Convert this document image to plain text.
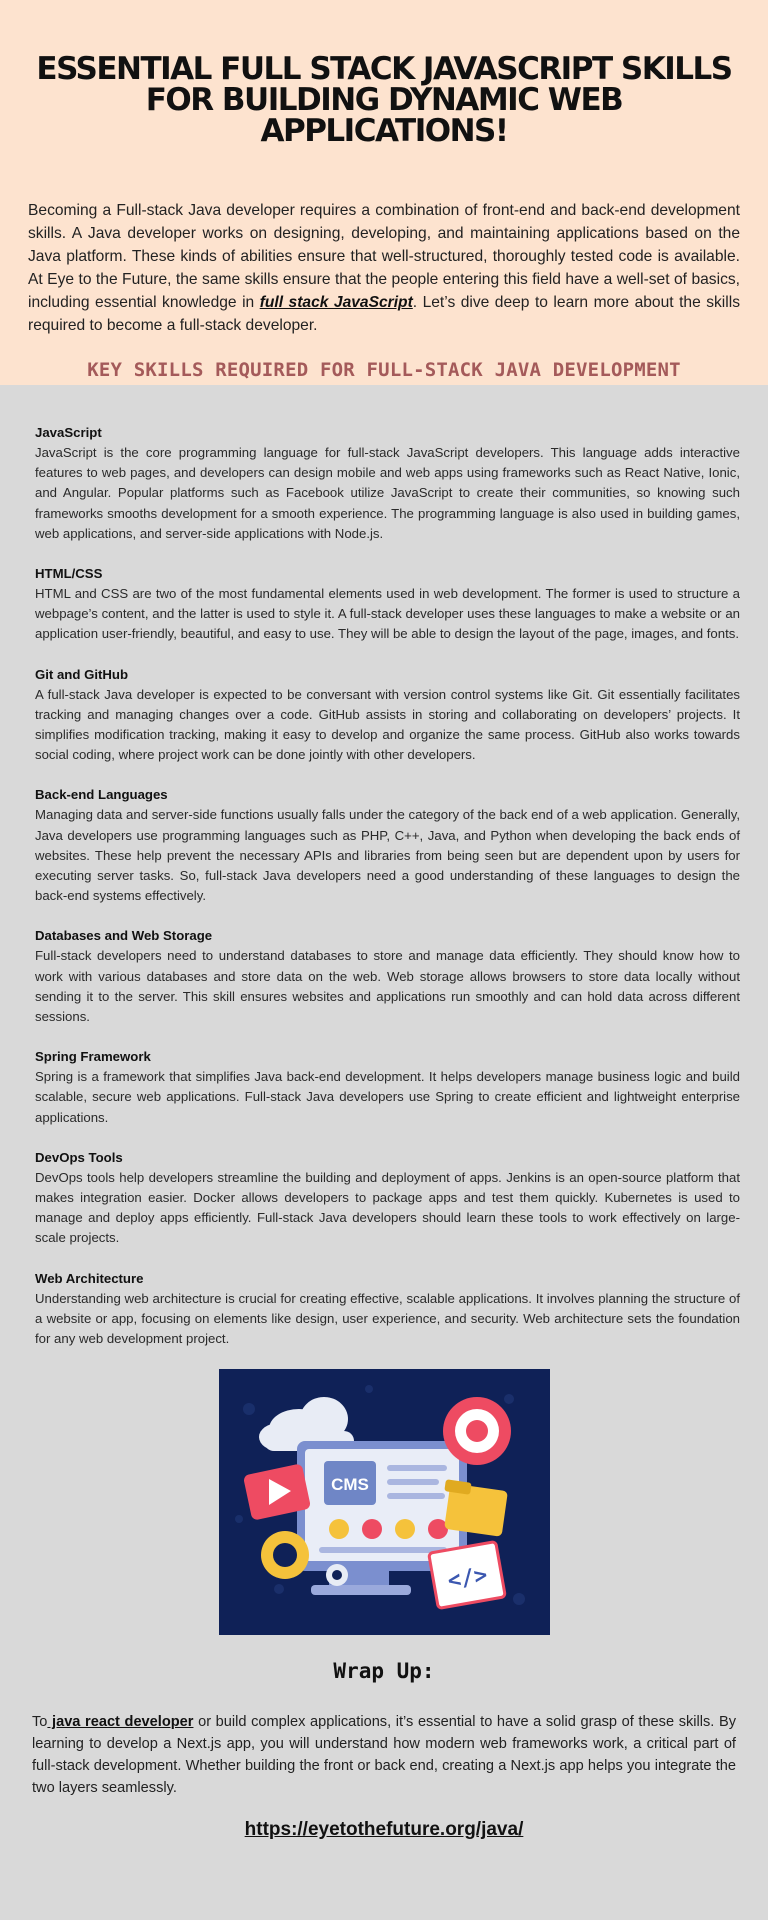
ESSENTIAL FULL STACK JAVASCRIPT SKILLS FOR BUILDING DYNAMIC WEB APPLICATIONS!

Becoming a Full-stack Java developer requires a combination of front-end and back-end development skills. A Java developer works on designing, developing, and maintaining applications based on the Java platform. These kinds of abilities ensure that well-structured, thoroughly tested code is available. At Eye to the Future, the same skills ensure that the people entering this field have a well-set of basics, including essential knowledge in full stack JavaScript. Let’s dive deep to learn more about the skills required to become a full-stack developer.

KEY SKILLS REQUIRED FOR FULL-STACK JAVA DEVELOPMENT
JavaScript

JavaScript is the core programming language for full-stack JavaScript developers. This language adds interactive features to web pages, and developers can design mobile and web apps using frameworks such as React Native, Ionic, and Angular. Popular platforms such as Facebook utilize JavaScript to create their communities, so knowing such frameworks smooths development for a smooth experience. The programming language is also used in building games, web applications, and server-side applications with Node.js.

HTML/CSS

HTML and CSS are two of the most fundamental elements used in web development. The former is used to structure a webpage’s content, and the latter is used to style it. A full-stack developer uses these languages to make a website or an application user-friendly, beautiful, and easy to use. They will be able to design the layout of the page, images, and fonts.

Git and GitHub

A full-stack Java developer is expected to be conversant with version control systems like Git. Git essentially facilitates tracking and managing changes over a code. GitHub assists in storing and collaborating on developers’ projects. It simplifies modification tracking, making it easy to develop and organize the same process. GitHub also works towards social coding, where project work can be done jointly with other developers.

Back-end Languages

Managing data and server-side functions usually falls under the category of the back end of a web application. Generally, Java developers use programming languages such as PHP, C++, Java, and Python when developing the back ends of websites. These help prevent the necessary APIs and libraries from being seen but are dependent upon by users for executing server tasks. So, full-stack Java developers need a good understanding of these languages to design the back-end systems effectively.

Databases and Web Storage

Full-stack developers need to understand databases to store and manage data efficiently. They should know how to work with various databases and store data on the web. Web storage allows browsers to store data locally without sending it to the server. This skill ensures websites and applications run smoothly and can hold data across different sessions.

Spring Framework

Spring is a framework that simplifies Java back-end development. It helps developers manage business logic and build scalable, secure web applications. Full-stack Java developers use Spring to create efficient and lightweight enterprise applications.

DevOps Tools

DevOps tools help developers streamline the building and deployment of apps. Jenkins is an open-source platform that makes integration easier. Docker allows developers to package apps and test them quickly. Kubernetes is used to manage and deploy apps efficiently. Full-stack Java developers should learn these tools to work effectively on large-scale projects.

Web Architecture

Understanding web architecture is crucial for creating effective, scalable applications. It involves planning the structure of a website or app, focusing on elements like design, user experience, and security. Web architecture sets the foundation for any web development project.

CMS
</>
Wrap Up:

To java react developer or build complex applications, it’s essential to have a solid grasp of these skills. By learning to develop a Next.js app, you will understand how modern web frameworks work, a critical part of full-stack development. Whether building the front or back end, creating a Next.js app helps you integrate the two layers seamlessly.

https://eyetothefuture.org/java/
